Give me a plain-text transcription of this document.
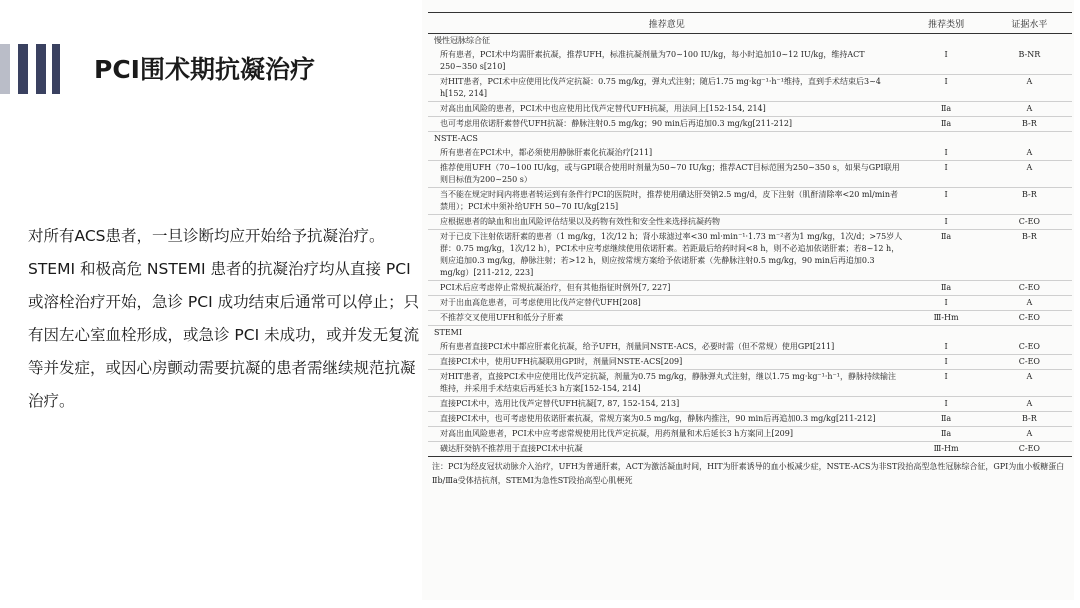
PCI围术期抗凝治疗

对所有ACS患者，一旦诊断均应开始给予抗凝治疗。

STEMI 和极高危 NSTEMI 患者的抗凝治疗均从直接 PCI 或溶栓治疗开始，急诊 PCI 成功结束后通常可以停止；只有因左心室血栓形成，或急诊 PCI 未成功，或并发无复流等并发症，或因心房颤动需要抗凝的患者需继续规范抗凝治疗。

推荐意见	推荐类别	证据水平
慢性冠脉综合征		
所有患者，PCI术中均需肝素抗凝，推荐UFH，标准抗凝剂量为70~100 IU/kg，每小时追加10~12 IU/kg，维持ACT 250~350 s[210]	Ⅰ	B-NR
对HIT患者，PCI术中应使用比伐芦定抗凝：0.75 mg/kg，弹丸式注射；随后1.75 mg·kg⁻¹·h⁻¹维持，直到手术结束后3~4 h[152, 214]	Ⅰ	A
对高出血风险的患者，PCI术中也应使用比伐芦定替代UFH抗凝，用法同上[152-154, 214]	Ⅱa	A
也可考虑用依诺肝素替代UFH抗凝：静脉注射0.5 mg/kg；90 min后再追加0.3 mg/kg[211-212]	Ⅱa	B-R
NSTE-ACS		
所有患者在PCI术中，都必须使用静脉肝素化抗凝治疗[211]	Ⅰ	A
推荐使用UFH（70~100 IU/kg，或与GPI联合使用时剂量为50~70 IU/kg；推荐ACT目标范围为250~350 s，如果与GPI联用则目标值为200~250 s）	Ⅰ	A
当不能在规定时间内将患者转运到有条件行PCI的医院时，推荐使用磺达肝癸钠2.5 mg/d，皮下注射（肌酐清除率<20 ml/min者禁用）；PCI术中须补给UFH 50~70 IU/kg[215]	Ⅰ	B-R
应根据患者的缺血和出血风险评估结果以及药物有效性和安全性来选择抗凝药物	Ⅰ	C-EO
对于已皮下注射依诺肝素的患者（1 mg/kg，1次/12 h；肾小球滤过率<30 ml·min⁻¹·1.73 m⁻²者为1 mg/kg，1次/d；>75岁人群：0.75 mg/kg，1次/12 h），PCI术中应考虑继续使用依诺肝素。若距最后给药时间<8 h，则不必追加依诺肝素；若8~12 h，则应追加0.3 mg/kg，静脉注射；若>12 h，则应按常规方案给予依诺肝素（先静脉注射0.5 mg/kg，90 min后再追加0.3 mg/kg）[211-212, 223]	Ⅱa	B-R
PCI术后应考虑停止常规抗凝治疗，但有其他指征时例外[7, 227]	Ⅱa	C-EO
对于出血高危患者，可考虑使用比伐芦定替代UFH[208]	Ⅰ	A
不推荐交叉使用UFH和低分子肝素	Ⅲ-Hm	C-EO
STEMI		
所有患者直接PCI术中都应肝素化抗凝，给予UFH，剂量同NSTE-ACS，必要时需（但不常规）使用GPI[211]	Ⅰ	C-EO
直接PCI术中，使用UFH抗凝联用GPI时，剂量同NSTE-ACS[209]	Ⅰ	C-EO
对HIT患者，直接PCI术中应使用比伐芦定抗凝，剂量为0.75 mg/kg，静脉弹丸式注射，继以1.75 mg·kg⁻¹·h⁻¹，静脉持续输注维持，并采用手术结束后再延长3 h方案[152-154, 214]	Ⅰ	A
直接PCI术中，选用比伐芦定替代UFH抗凝[7, 87, 152-154, 213]	Ⅰ	A
直接PCI术中，也可考虑使用依诺肝素抗凝，常规方案为0.5 mg/kg，静脉内推注，90 min后再追加0.3 mg/kg[211-212]	Ⅱa	B-R
对高出血风险患者，PCI术中应考虑常规使用比伐芦定抗凝，用药剂量和术后延长3 h方案同上[209]	Ⅱa	A
磺达肝癸钠不推荐用于直接PCI术中抗凝	Ⅲ-Hm	C-EO
注：PCI为经皮冠状动脉介入治疗，UFH为普通肝素，ACT为激活凝血时间，HIT为肝素诱导的血小板减少症，NSTE-ACS为非ST段抬高型急性冠脉综合征，GPI为血小板糖蛋白Ⅱb/Ⅲa受体拮抗剂，STEMI为急性ST段抬高型心肌梗死
